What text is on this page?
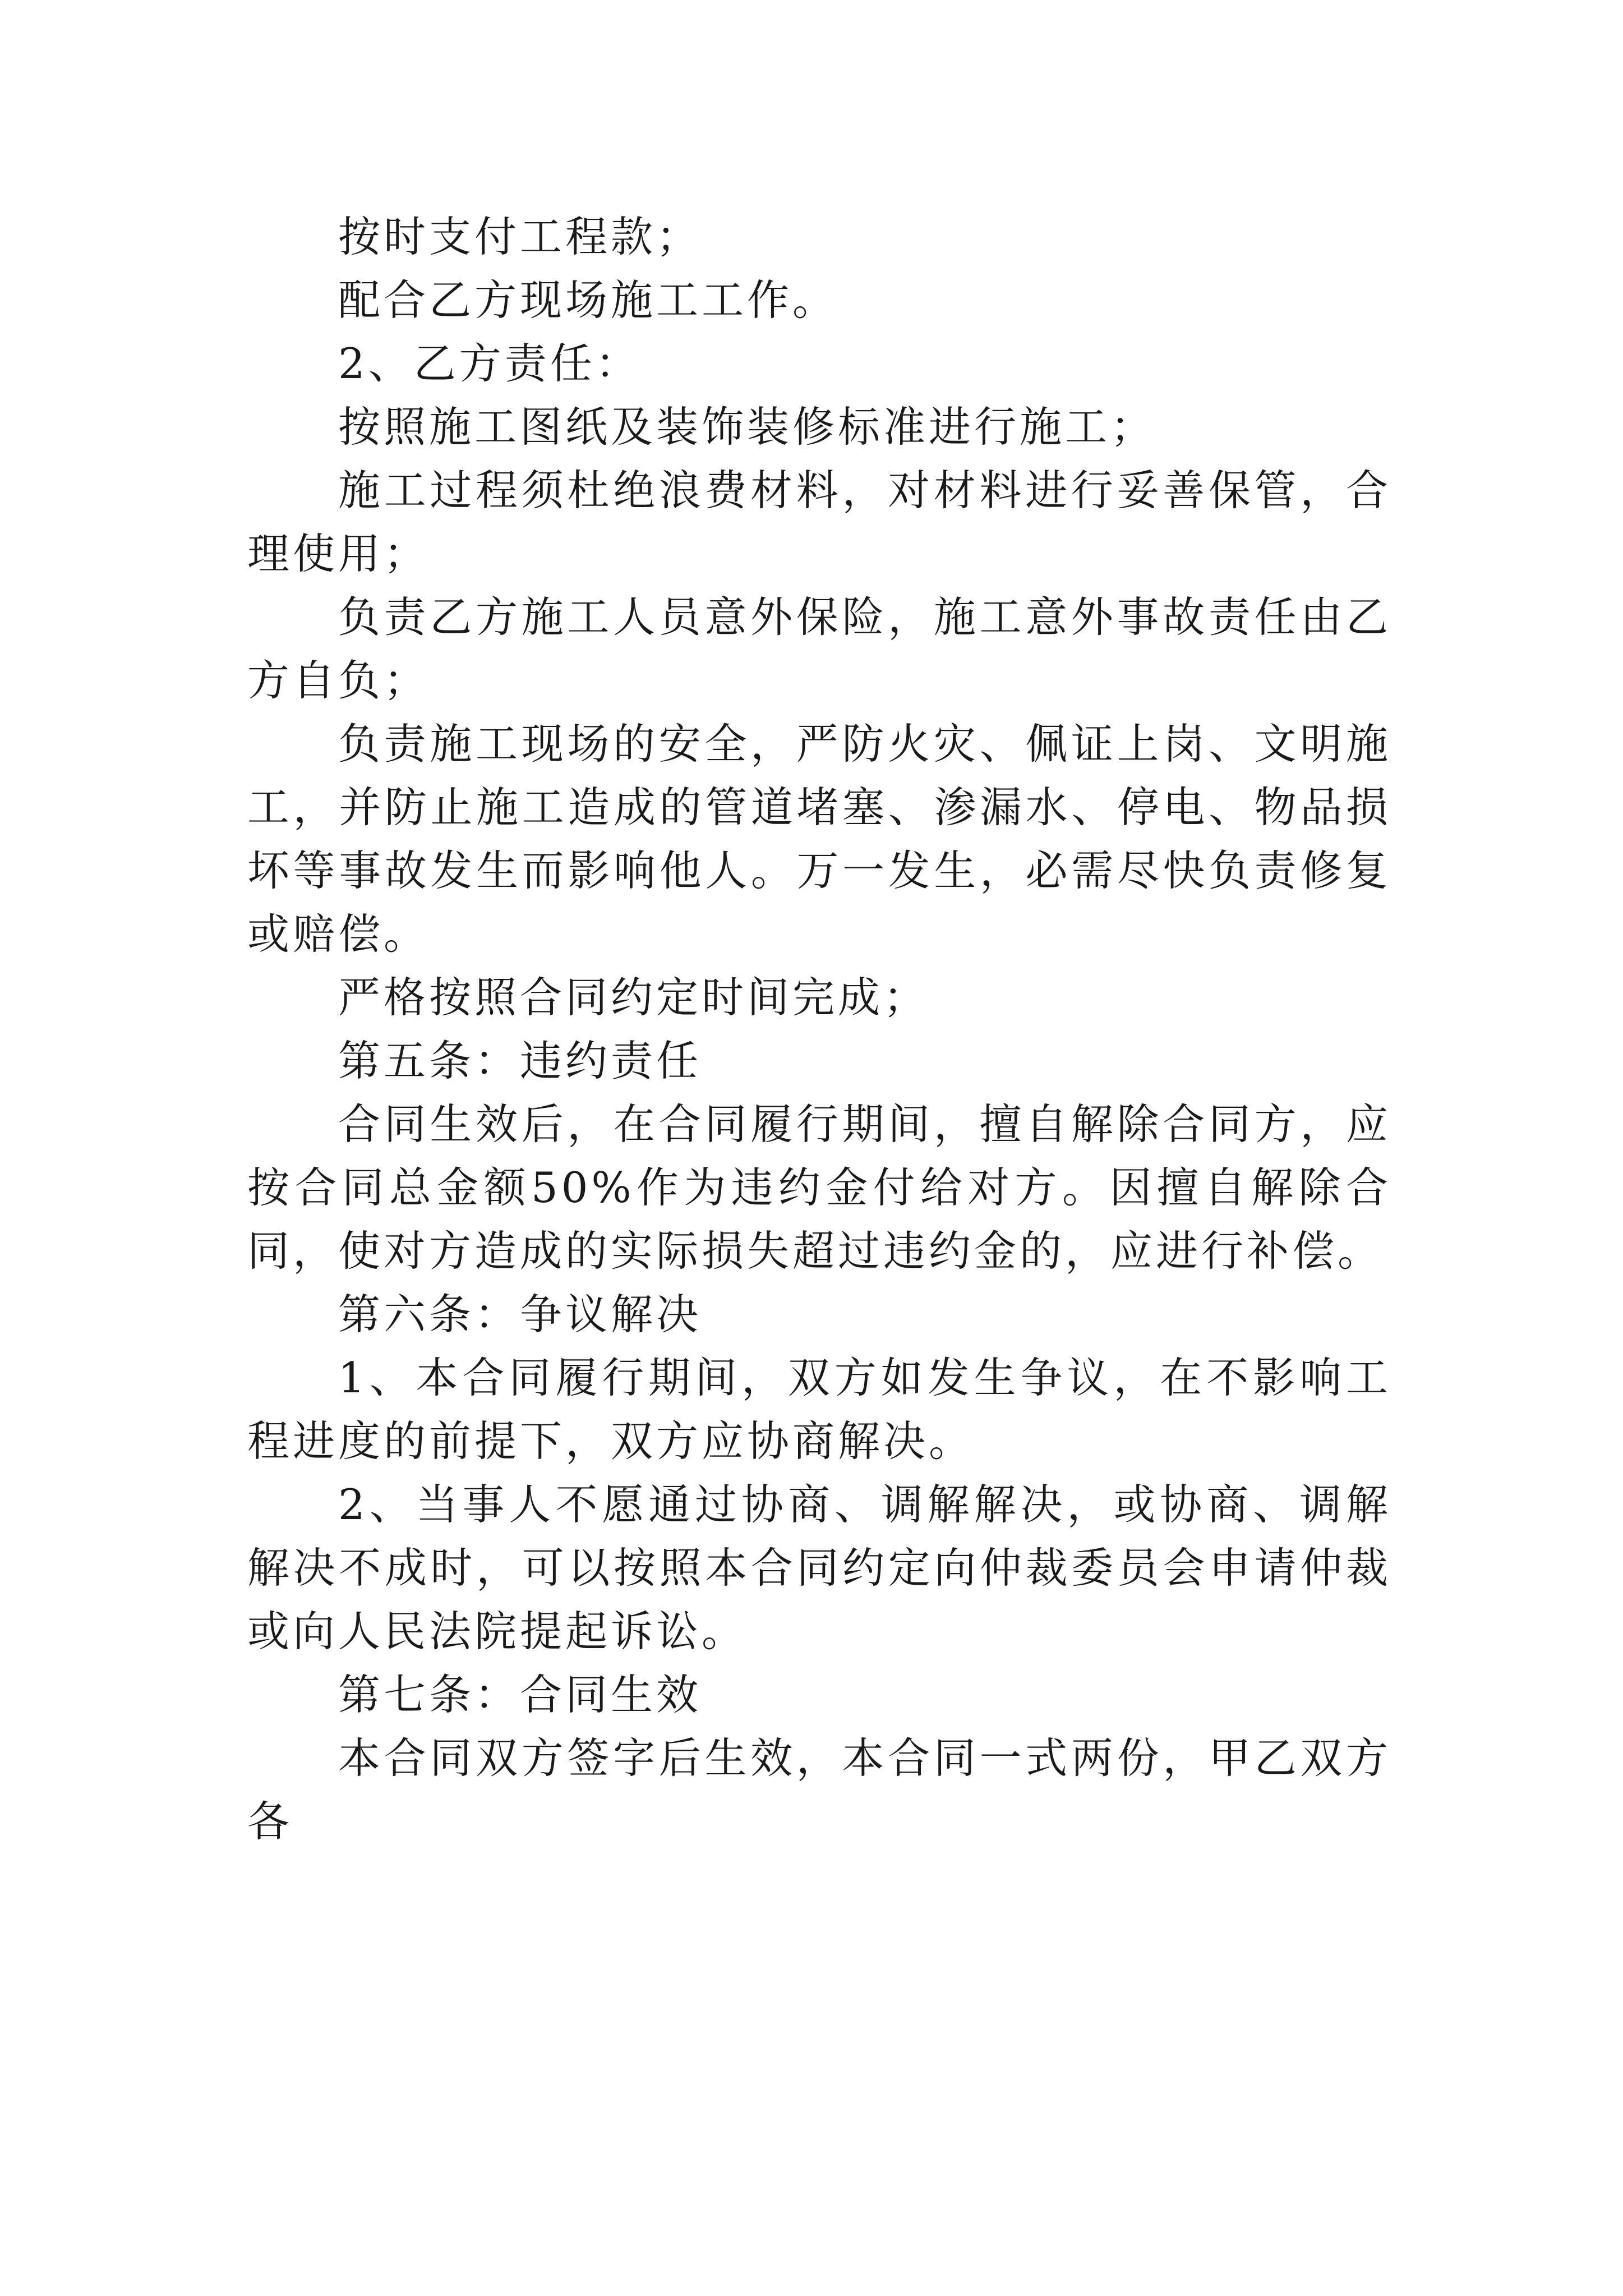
按时支付工程款；

配合乙方现场施工工作。

2、乙方责任：

按照施工图纸及装饰装修标准进行施工；

施工过程须杜绝浪费材料，对材料进行妥善保管，合理使用；

负责乙方施工人员意外保险，施工意外事故责任由乙方自负；

负责施工现场的安全，严防火灾、佩证上岗、文明施工，并防止施工造成的管道堵塞、渗漏水、停电、物品损坏等事故发生而影响他人。万一发生，必需尽快负责修复或赔偿。

严格按照合同约定时间完成；

第五条：违约责任

合同生效后，在合同履行期间，擅自解除合同方，应按合同总金额50%作为违约金付给对方。因擅自解除合同，使对方造成的实际损失超过违约金的，应进行补偿。

第六条：争议解决

1、本合同履行期间，双方如发生争议，在不影响工程进度的前提下，双方应协商解决。

2、当事人不愿通过协商、调解解决，或协商、调解解决不成时，可以按照本合同约定向仲裁委员会申请仲裁或向人民法院提起诉讼。

第七条：合同生效

本合同双方签字后生效，本合同一式两份，甲乙双方各
